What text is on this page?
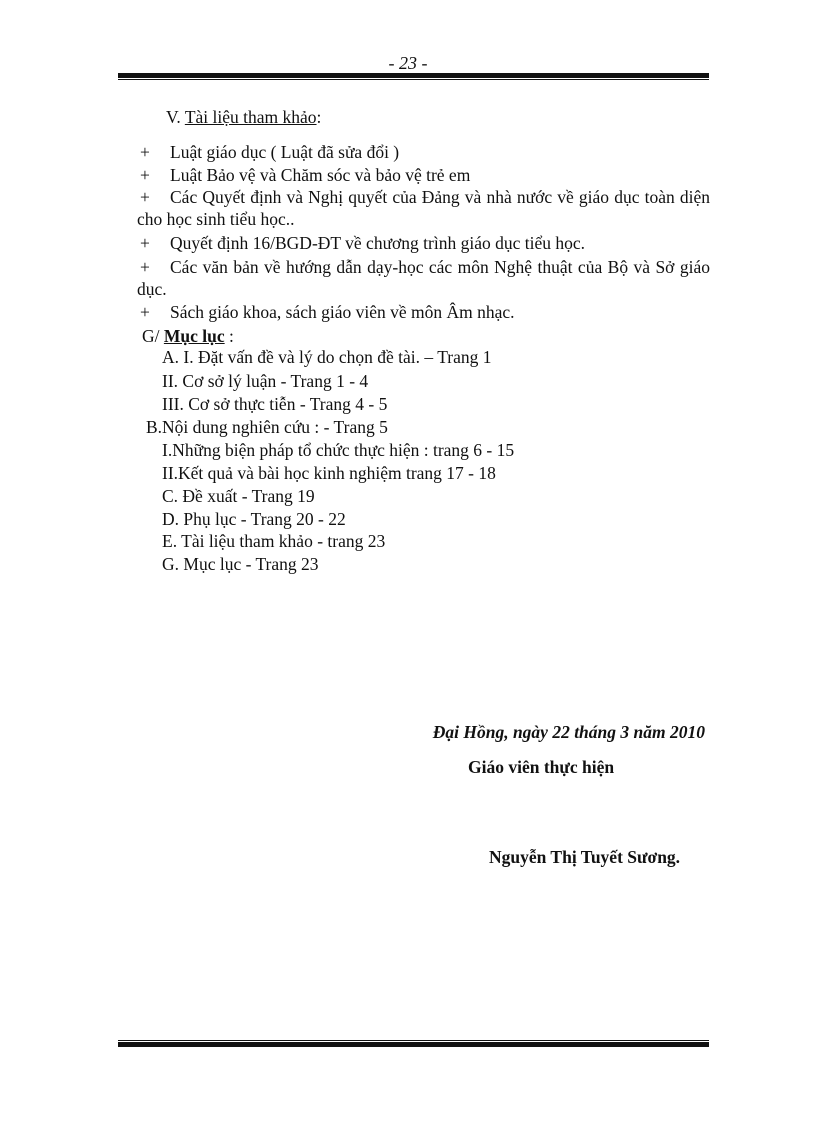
- 23 -
V. Tài liệu tham khảo:
+ Luật giáo dục ( Luật đã sửa đổi )
+ Luật Bảo vệ và Chăm sóc và bảo vệ trẻ em
+ Các Quyết định và Nghị quyết của Đảng và nhà nước về giáo dục toàn diện cho học sinh tiểu học..
+ Quyết định 16/BGD-ĐT về chương trình giáo dục tiểu học.
+ Các văn bản về hướng dẫn dạy-học các môn Nghệ thuật của Bộ và Sở giáo dục.
+ Sách giáo khoa, sách giáo viên về môn Âm nhạc.
G/ Mục lục :
A. I. Đặt vấn đề và lý do chọn đề tài. – Trang 1
II. Cơ sở lý luận - Trang 1 - 4
III. Cơ sở thực tiễn - Trang 4 - 5
B.Nội dung nghiên cứu : - Trang 5
I.Những biện pháp tổ chức thực hiện : trang 6 - 15
II.Kết quả và bài học kinh nghiệm trang 17 - 18
C. Đề xuất - Trang 19
D. Phụ lục - Trang 20 - 22
E. Tài liệu tham khảo - trang 23
G. Mục lục - Trang 23
Đại Hồng, ngày 22 tháng 3 năm 2010
Giáo viên thực hiện
Nguyễn Thị Tuyết Sương.
